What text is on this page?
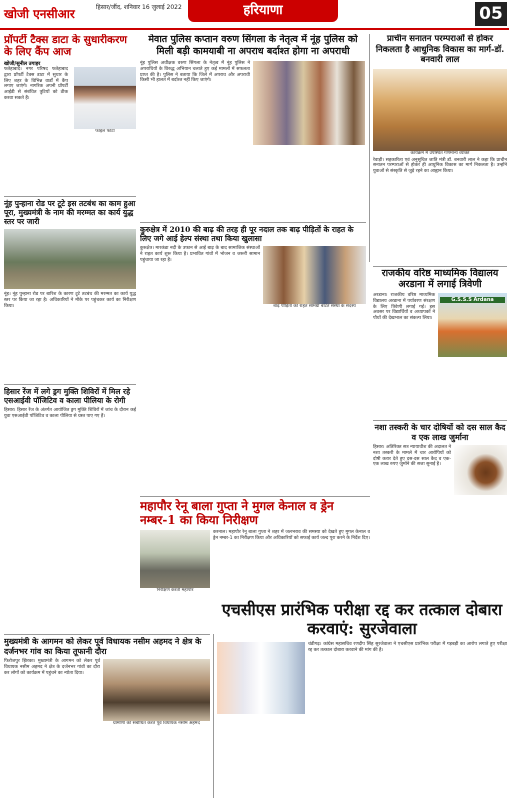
खोजी एनसीआर	हिसार/जींद, शनिवार 16 जुलाई 2022	हरियाणा	05
प्रॉपर्टी टैक्स डाटा के सुधारीकरण के लिए कैंप आज
खोजी/सुनील उगाहर
फतेहाबाद। नगर परिषद फतेहाबाद द्वारा प्रॉपर्टी टैक्स डाटा में सुधार के लिए शहर के विभिन्न वार्डों में कैंप लगाए जाएंगे। नागरिक अपनी प्रॉपर्टी आईडी से संबंधित त्रुटियों को ठीक करवा सकते हैं।
फाइल फोटो
नूंह पुन्हाना रोड पर टूटे इस तटबंध का काम हुआ पूरा, मुख्यमंत्री के नाम की मरम्मत का कार्य युद्ध स्तर पर जारी
नूंह। नूंह पुन्हाना रोड पर बारिश के कारण टूटे तटबंध की मरम्मत का कार्य युद्ध स्तर पर किया जा रहा है। अधिकारियों ने मौके पर पहुंचकर कार्य का निरीक्षण किया।
मेवात पुलिस कप्तान वरुण सिंगला के नेतृत्व में नूंह पुलिस को मिली बड़ी कामयाबी ना अपराध बर्दाश्त होगा ना अपराधी
नूंह पुलिस अधीक्षक वरुण सिंगला के नेतृत्व में नूंह पुलिस ने अपराधियों के विरुद्ध अभियान चलाते हुए कई मामलों में सफलता प्राप्त की है। पुलिस ने बताया कि जिले में अपराध और अपराधी किसी भी हालत में बर्दाश्त नहीं किए जाएंगे।
प्राचीन सनातन परम्पराओं से होकर निकलता है आधुनिक विकास का मार्ग-डॉ. बनवारी लाल
कार्यक्रम में उपस्थित गणमान्य व्यक्ति
रेवाड़ी। सहकारिता एवं अनुसूचित जाति मंत्री डॉ. बनवारी लाल ने कहा कि प्राचीन सनातन परम्पराओं से होकर ही आधुनिक विकास का मार्ग निकलता है। उन्होंने युवाओं से संस्कृति से जुड़े रहने का आह्वान किया।
कुरुक्षेत्र में 2010 की बाढ़ की तरह ही पूर नदाल तक बाढ़ पीड़ितों के राहत के लिए जगे आई हेल्प संस्था तथा किया खुलासा
कुरुक्षेत्र। मारकंडा नदी के उफान से आई बाढ़ के बाद सामाजिक संस्थाओं ने राहत कार्य शुरू किया है। प्रभावित गांवों में भोजन व जरूरी सामान पहुंचाया जा रहा है।
बाढ़ पीड़ितों को राहत सामग्री बांटते संस्था के सदस्य
राजकीय वरिष्ठ माध्यमिक विद्यालय अरडाना में लगाई त्रिवेणी
अरडाना। राजकीय वरिष्ठ माध्यमिक विद्यालय अरडाना में पर्यावरण संरक्षण के लिए त्रिवेणी लगाई गई। इस अवसर पर विद्यार्थियों व अध्यापकों ने पौधों की देखभाल का संकल्प लिया।
G.S.S.S Ardana
हिसार रेंज में लगे ड्रग मुक्ति शिविरों में मिल रहे एसआईवी पॉजिटिव व काला पीलिया के रोगी
हिसार। हिसार रेंज के अंतर्गत आयोजित ड्रग मुक्ति शिविरों में जांच के दौरान कई युवा एसआईवी पॉजिटिव व काला पीलिया से ग्रस्त पाए गए हैं।
नशा तस्करी के चार दोषियों को दस साल कैद व एक लाख जुर्माना
हिसार। अतिरिक्त सत्र न्यायाधीश की अदालत ने नशा तस्करी के मामले में चार आरोपियों को दोषी करार देते हुए दस-दस साल कैद व एक-एक लाख रुपए जुर्माने की सजा सुनाई है।
महापौर रेनू बाला गुप्ता ने मुगल केनाल व ड्रेन नम्बर-1 का किया निरीक्षण
निरीक्षण करती महापौर
करनाल। महापौर रेनू बाला गुप्ता ने शहर में जलभराव की समस्या को देखते हुए मुगल केनाल व ड्रेन नम्बर-1 का निरीक्षण किया और अधिकारियों को सफाई कार्य जल्द पूरा करने के निर्देश दिए।
मुख्यमंत्री के आगमन को लेकर पूर्व विधायक नसीम अहमद ने क्षेत्र के दर्जनभर गांव का किया तूफानी दौरा
फिरोजपुर झिरका। मुख्यमंत्री के आगमन को लेकर पूर्व विधायक नसीम अहमद ने क्षेत्र के दर्जनभर गांवों का दौरा कर लोगों को कार्यक्रम में पहुंचने का न्योता दिया।
ग्रामीणों को संबोधित करते पूर्व विधायक नसीम अहमद
एचसीएस प्रारंभिक परीक्षा रद्द कर तत्काल दोबारा करवाएं: सुरजेवाला
चंडीगढ़। कांग्रेस महासचिव रणदीप सिंह सुरजेवाला ने एचसीएस प्रारंभिक परीक्षा में गड़बड़ी का आरोप लगाते हुए परीक्षा रद्द कर तत्काल दोबारा करवाने की मांग की है।
